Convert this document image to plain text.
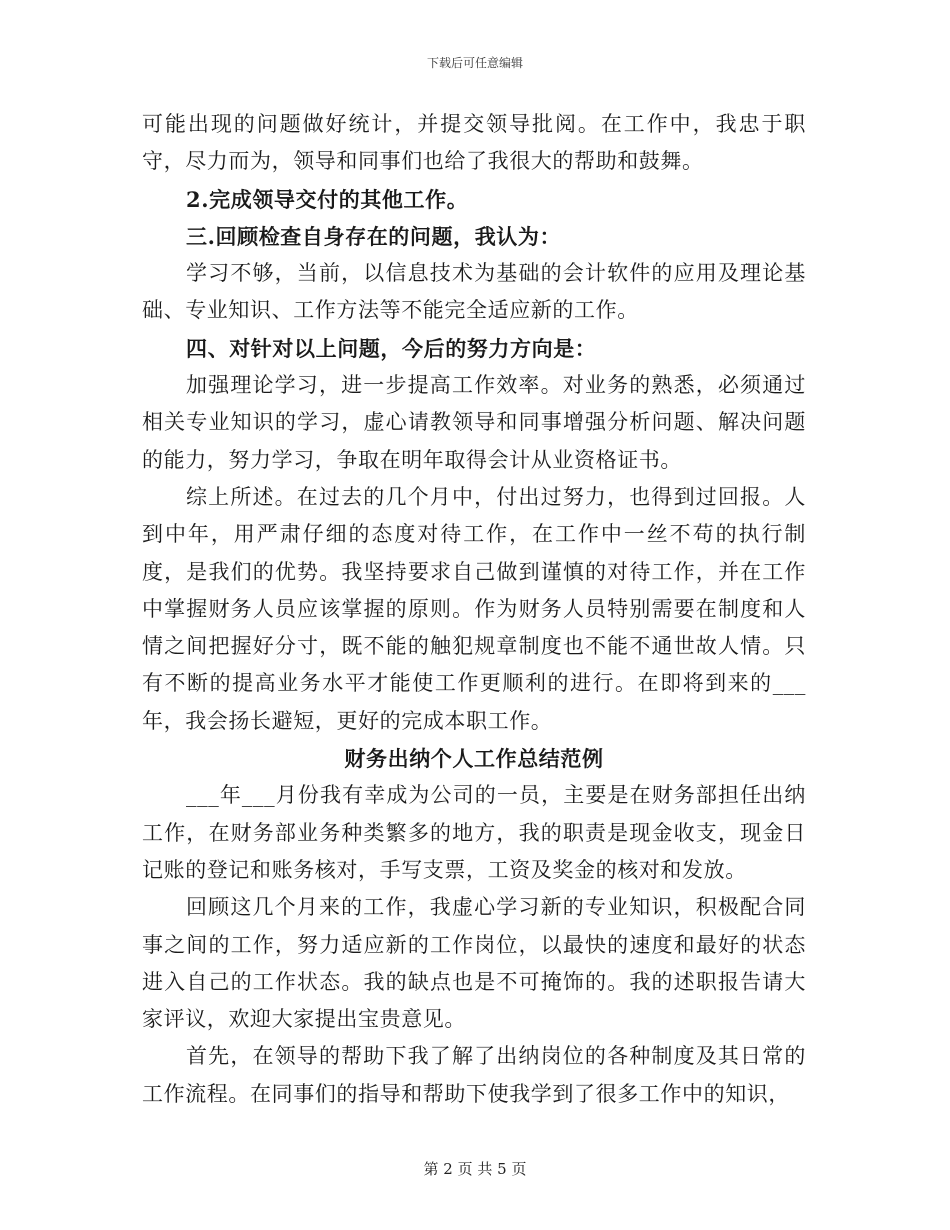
下载后可任意编辑

可能出现的问题做好统计，并提交领导批阅。在工作中，我忠于职守，尽力而为，领导和同事们也给了我很大的帮助和鼓舞。

2.完成领导交付的其他工作。

三.回顾检查自身存在的问题，我认为：

学习不够，当前，以信息技术为基础的会计软件的应用及理论基础、专业知识、工作方法等不能完全适应新的工作。

四、对针对以上问题，今后的努力方向是：

加强理论学习，进一步提高工作效率。对业务的熟悉，必须通过相关专业知识的学习，虚心请教领导和同事增强分析问题、解决问题的能力，努力学习，争取在明年取得会计从业资格证书。

综上所述。在过去的几个月中，付出过努力，也得到过回报。人到中年，用严肃仔细的态度对待工作，在工作中一丝不苟的执行制度，是我们的优势。我坚持要求自己做到谨慎的对待工作，并在工作中掌握财务人员应该掌握的原则。作为财务人员特别需要在制度和人情之间把握好分寸，既不能的触犯规章制度也不能不通世故人情。只有不断的提高业务水平才能使工作更顺利的进行。在即将到来的___年，我会扬长避短，更好的完成本职工作。

财务出纳个人工作总结范例

___年___月份我有幸成为公司的一员，主要是在财务部担任出纳工作，在财务部业务种类繁多的地方，我的职责是现金收支，现金日记账的登记和账务核对，手写支票，工资及奖金的核对和发放。

回顾这几个月来的工作，我虚心学习新的专业知识，积极配合同事之间的工作，努力适应新的工作岗位，以最快的速度和最好的状态进入自己的工作状态。我的缺点也是不可掩饰的。我的述职报告请大家评议，欢迎大家提出宝贵意见。

首先，在领导的帮助下我了解了出纳岗位的各种制度及其日常的工作流程。在同事们的指导和帮助下使我学到了很多工作中的知识，

第 2 页 共 5 页
